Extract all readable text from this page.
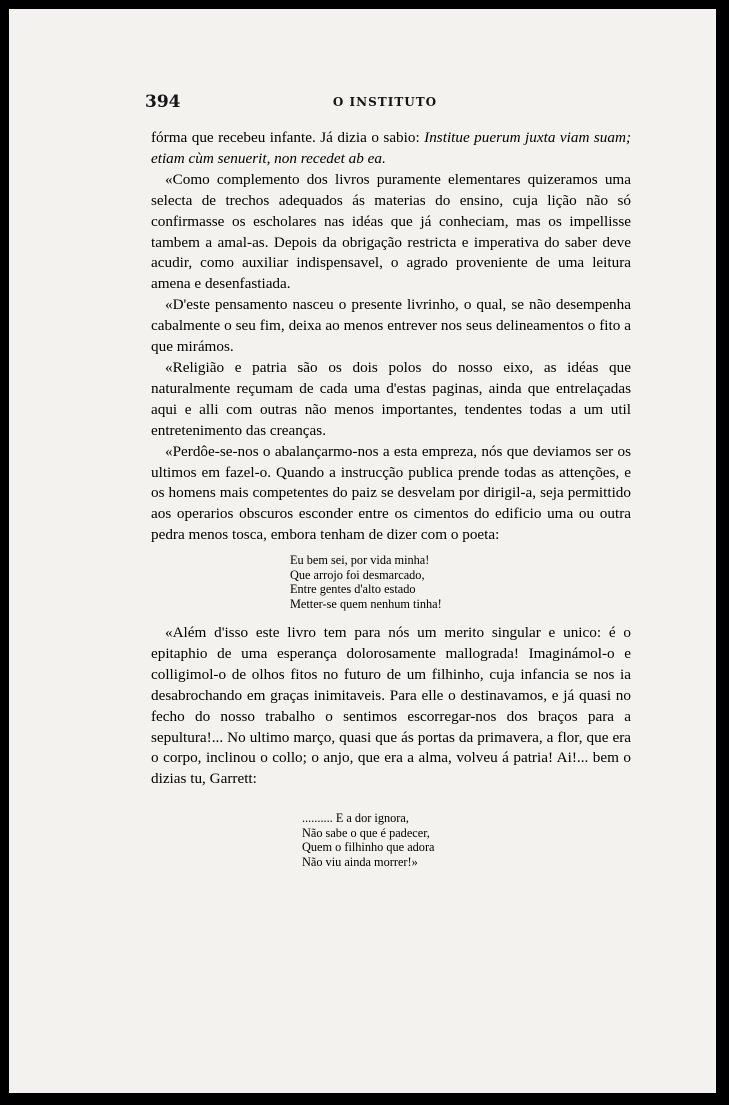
394	O INSTITUTO

fórma que recebeu infante. Já dizia o sabio: Institue puerum juxta viam suam; etiam cùm senuerit, non recedet ab ea.

«Como complemento dos livros puramente elementares quizeramos uma selecta de trechos adequados ás materias do ensino, cuja lição não só confirmasse os escholares nas idéas que já conheciam, mas os impellisse tambem a amal-as. Depois da obrigação restricta e imperativa do saber deve acudir, como auxiliar indispensavel, o agrado proveniente de uma leitura amena e desenfastiada.

«D'este pensamento nasceu o presente livrinho, o qual, se não desempenha cabalmente o seu fim, deixa ao menos entrever nos seus delineamentos o fito a que mirámos.

«Religião e patria são os dois polos do nosso eixo, as idéas que naturalmente reçumam de cada uma d'estas paginas, ainda que entrelaçadas aqui e alli com outras não menos importantes, tendentes todas a um util entretenimento das creanças.

«Perdôe-se-nos o abalançarmo-nos a esta empreza, nós que deviamos ser os ultimos em fazel-o. Quando a instrucção publica prende todas as attenções, e os homens mais competentes do paiz se desvelam por dirigil-a, seja permittido aos operarios obscuros esconder entre os cimentos do edificio uma ou outra pedra menos tosca, embora tenham de dizer com o poeta:

Eu bem sei, por vida minha!
Que arrojo foi desmarcado,
Entre gentes d'alto estado
Metter-se quem nenhum tinha!

«Além d'isso este livro tem para nós um merito singular e unico: é o epitaphio de uma esperança dolorosamente mallograda! Imaginámol-o e colligimol-o de olhos fitos no futuro de um filhinho, cuja infancia se nos ia desabrochando em graças inimitaveis. Para elle o destinavamos, e já quasi no fecho do nosso trabalho o sentimos escorregar-nos dos braços para a sepultura!... No ultimo março, quasi que ás portas da primavera, a flor, que era o corpo, inclinou o collo; o anjo, que era a alma, volveu á patria! Ai!... bem o dizias tu, Garrett:

.......... E a dor ignora,
Não sabe o que é padecer,
Quem o filhinho que adora
Não viu ainda morrer!»
